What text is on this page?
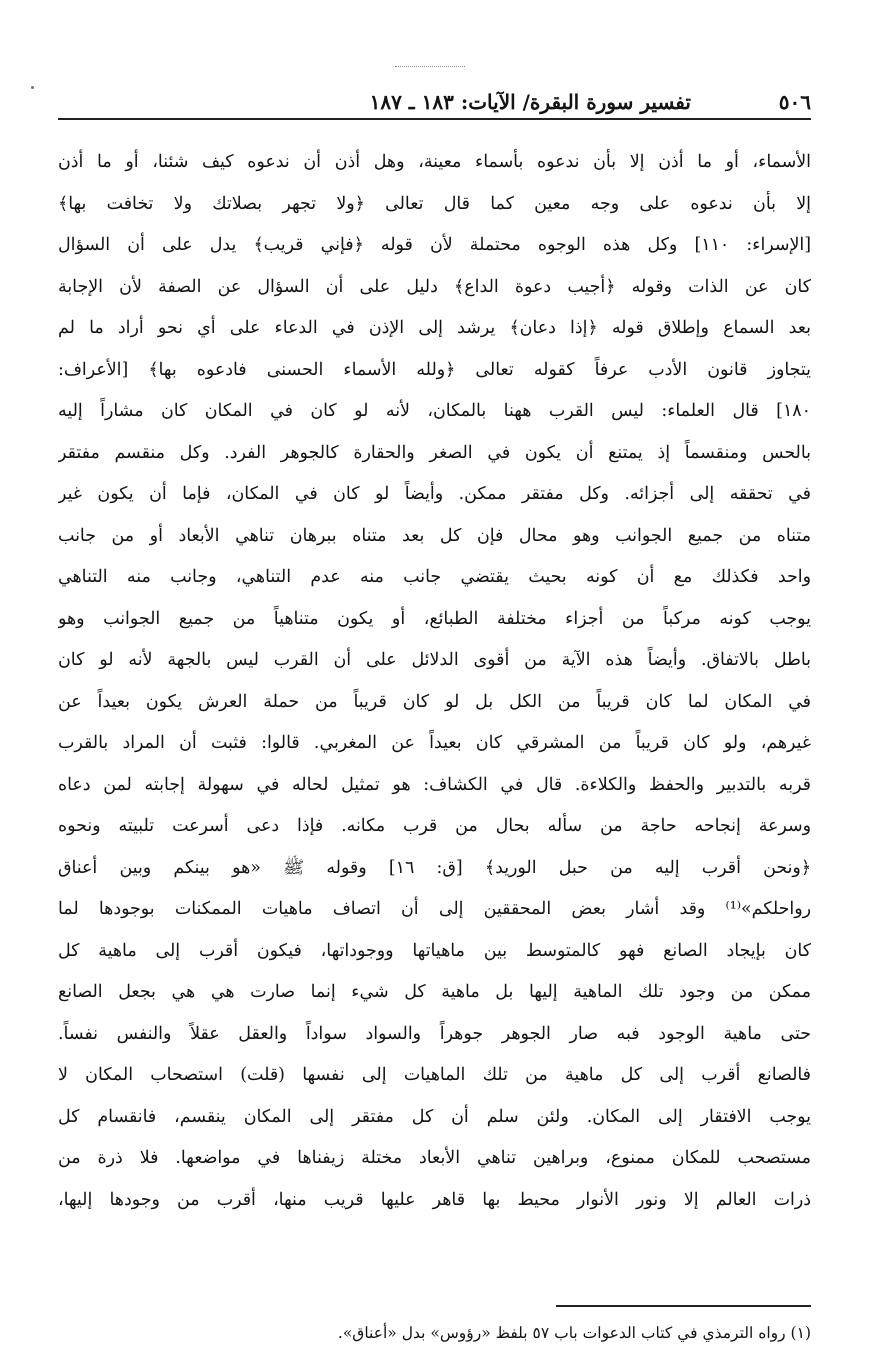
٥٠٦
تفسير سورة البقرة/ الآيات: ١٨٣ ـ ١٨٧
الأسماء، أو ما أذن إلا بأن ندعوه بأسماء معينة، وهل أذن أن ندعوه كيف شئنا، أو ما أذن
إلا بأن ندعوه على وجه معين كما قال تعالى ﴿ولا تجهر بصلاتك ولا تخافت بها﴾
[الإسراء: ١١٠] وكل هذه الوجوه محتملة لأن قوله ﴿فإني قريب﴾ يدل على أن السؤال
كان عن الذات وقوله ﴿أجيب دعوة الداع﴾ دليل على أن السؤال عن الصفة لأن الإجابة
بعد السماع وإطلاق قوله ﴿إذا دعان﴾ يرشد إلى الإذن في الدعاء على أي نحو أراد ما لم
يتجاوز قانون الأدب عرفاً كقوله تعالى ﴿ولله الأسماء الحسنى فادعوه بها﴾ [الأعراف:
١٨٠] قال العلماء: ليس القرب ههنا بالمكان، لأنه لو كان في المكان كان مشاراً إليه
بالحس ومنقسماً إذ يمتنع أن يكون في الصغر والحقارة كالجوهر الفرد. وكل منقسم مفتقر
في تحققه إلى أجزائه. وكل مفتقر ممكن. وأيضاً لو كان في المكان، فإما أن يكون غير
متناه من جميع الجوانب وهو محال فإن كل بعد متناه ببرهان تناهي الأبعاد أو من جانب
واحد فكذلك مع أن كونه بحيث يقتضي جانب منه عدم التناهي، وجانب منه التناهي
يوجب كونه مركباً من أجزاء مختلفة الطبائع، أو يكون متناهياً من جميع الجوانب وهو
باطل بالاتفاق. وأيضاً هذه الآية من أقوى الدلائل على أن القرب ليس بالجهة لأنه لو كان
في المكان لما كان قريباً من الكل بل لو كان قريباً من حملة العرش يكون بعيداً عن
غيرهم، ولو كان قريباً من المشرقي كان بعيداً عن المغربي. قالوا: فثبت أن المراد بالقرب
قربه بالتدبير والحفظ والكلاءة. قال في الكشاف: هو تمثيل لحاله في سهولة إجابته لمن دعاه
وسرعة إنجاحه حاجة من سأله بحال من قرب مكانه. فإذا دعى أسرعت تلبيته ونحوه
﴿ونحن أقرب إليه من حبل الوريد﴾ [ق: ١٦] وقوله ﷺ «هو بينكم وبين أعناق
رواحلكم»⁽¹⁾ وقد أشار بعض المحققين إلى أن اتصاف ماهيات الممكنات بوجودها لما
كان بإيجاد الصانع فهو كالمتوسط بين ماهياتها ووجوداتها، فيكون أقرب إلى ماهية كل
ممكن من وجود تلك الماهية إليها بل ماهية كل شيء إنما صارت هي هي بجعل الصانع
حتى ماهية الوجود فبه صار الجوهر جوهراً والسواد سواداً والعقل عقلاً والنفس نفساً.
فالصانع أقرب إلى كل ماهية من تلك الماهيات إلى نفسها (قلت) استصحاب المكان لا
يوجب الافتقار إلى المكان. ولئن سلم أن كل مفتقر إلى المكان ينقسم، فانقسام كل
مستصحب للمكان ممنوع، وبراهين تناهي الأبعاد مختلة زيفناها في مواضعها. فلا ذرة من
ذرات العالم إلا ونور الأنوار محيط بها قاهر عليها قريب منها، أقرب من وجودها إليها،
(١) رواه الترمذي في كتاب الدعوات باب ٥٧ بلفظ «رؤوس» بدل «أعناق».
